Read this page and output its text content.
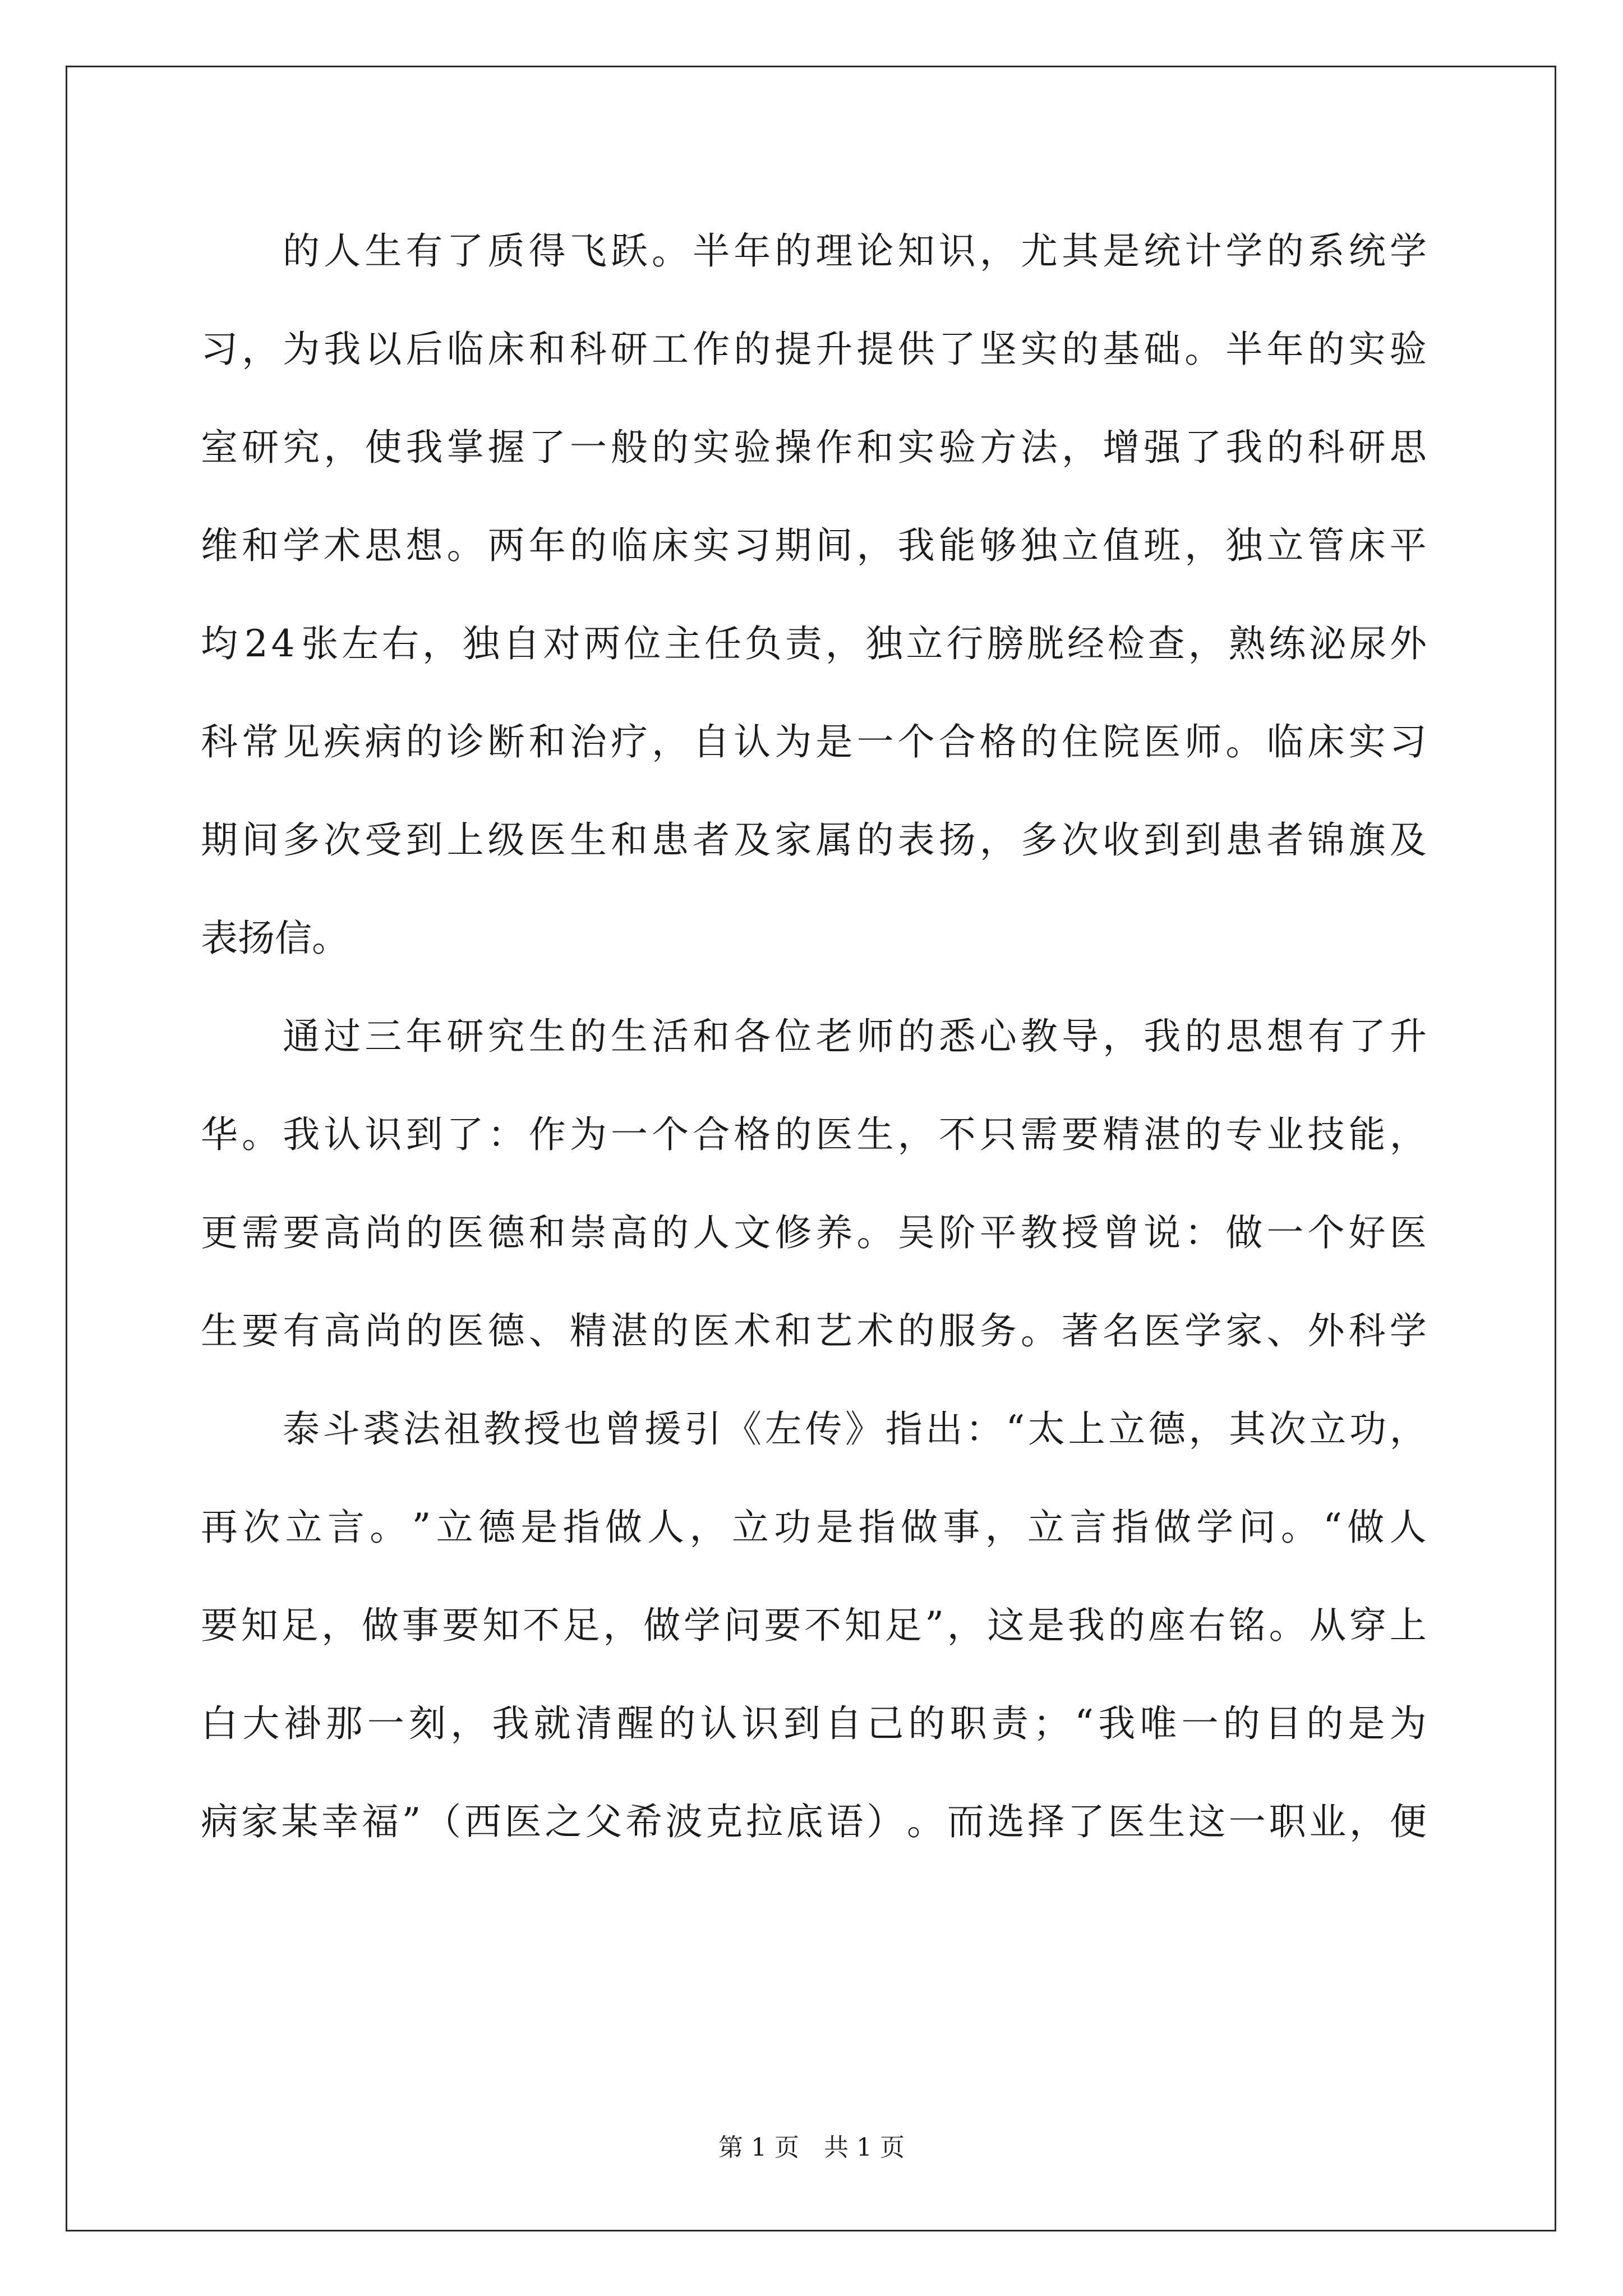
的 人 生 有 了 质 得 飞 跃 。 半 年 的 理 论 知 识 ， 尤 其 是 统 计 学 的 系 统 学
习 ， 为 我 以 后 临 床 和 科 研 工 作 的 提 升 提 供 了 坚 实 的 基 础 。 半 年 的 实 验
室 研 究 ， 使 我 掌 握 了 一 般 的 实 验 操 作 和 实 验 方 法 ， 增 强 了 我 的 科 研 思
维 和 学 术 思 想 。 两 年 的 临 床 实 习 期 间 ， 我 能 够 独 立 值 班 ， 独 立 管 床 平
均 2 4 张 左 右 ， 独 自 对 两 位 主 任 负 责 ， 独 立 行 膀 胱 经 检 查 ， 熟 练 泌 尿 外
科 常 见 疾 病 的 诊 断 和 治 疗 ， 自 认 为 是 一 个 合 格 的 住 院 医 师 。 临 床 实 习
期 间 多 次 受 到 上 级 医 生 和 患 者 及 家 属 的 表 扬 ， 多 次 收 到 到 患 者 锦 旗 及
表扬信。
通 过 三 年 研 究 生 的 生 活 和 各 位 老 师 的 悉 心 教 导 ， 我 的 思 想 有 了 升
华 。 我 认 识 到 了 ： 作 为 一 个 合 格 的 医 生 ， 不 只 需 要 精 湛 的 专 业 技 能 ，
更 需 要 高 尚 的 医 德 和 崇 高 的 人 文 修 养 。 吴 阶 平 教 授 曾 说 ： 做 一 个 好 医
生 要 有 高 尚 的 医 德 、 精 湛 的 医 术 和 艺 术 的 服 务 。 著 名 医 学 家 、 外 科 学
泰 斗 裘 法 祖 教 授 也 曾 援 引 《 左 传 》 指 出 ： “ 太 上 立 德 ， 其 次 立 功 ，
再 次 立 言 。 ” 立 德 是 指 做 人 ， 立 功 是 指 做 事 ， 立 言 指 做 学 问 。 “ 做 人
要 知 足 ， 做 事 要 知 不 足 ， 做 学 问 要 不 知 足 ” ， 这 是 我 的 座 右 铭 。 从 穿 上
白 大 褂 那 一 刻 ， 我 就 清 醒 的 认 识 到 自 己 的 职 责 ； “ 我 唯 一 的 目 的 是 为
病 家 某 幸 福 ” （ 西 医 之 父 希 波 克 拉 底 语 ） 。 而 选 择 了 医 生 这 一 职 业 ， 便
第 1 页 共 1 页
